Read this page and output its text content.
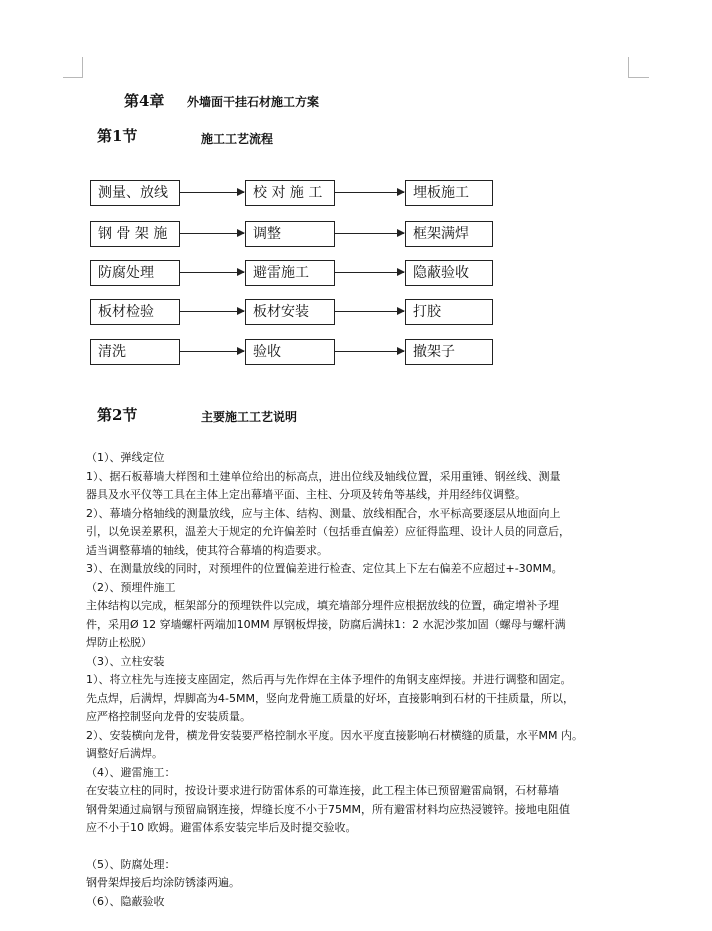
第4章 外墙面干挂石材施工方案
第1节	施工工艺流程
测量、放线	校 对 施 工	埋板施工
钢 骨 架 施	调整	框架满焊
防腐处理	避雷施工	隐蔽验收
板材检验	板材安装	打胶
清洗	验收	撤架子
第2节	主要施工工艺说明

（1）、弹线定位

1）、据石板幕墙大样图和土建单位给出的标高点，进出位线及轴线位置，采用重锤、钢丝线、测量

器具及水平仪等工具在主体上定出幕墙平面、主柱、分项及转角等基线，并用经纬仪调整。

2）、幕墙分格轴线的测量放线，应与主体、结构、测量、放线相配合，水平标高要逐层从地面向上

引，以免误差累积，温差大于规定的允许偏差时（包括垂直偏差）应征得监理、设计人员的同意后，

适当调整幕墙的轴线，使其符合幕墙的构造要求。

3）、在测量放线的同时，对预埋件的位置偏差进行检查、定位其上下左右偏差不应超过+-30MM。

（2）、预埋件施工

主体结构以完成，框架部分的预埋铁件以完成，填充墙部分埋件应根据放线的位置，确定增补予埋

件，采用Ø 12 穿墙螺杆两端加10MM 厚钢板焊接，防腐后满抹1：2 水泥沙浆加固（螺母与螺杆满

焊防止松脱）

（3）、立柱安装

1）、将立柱先与连接支座固定，然后再与先作焊在主体予埋件的角钢支座焊接。并进行调整和固定。

先点焊，后满焊，焊脚高为4-5MM，竖向龙骨施工质量的好坏，直接影响到石材的干挂质量，所以，

应严格控制竖向龙骨的安装质量。

2）、安装横向龙骨，横龙骨安装要严格控制水平度。因水平度直接影响石材横缝的质量，水平MM 内。

调整好后满焊。

（4）、避雷施工：

在安装立柱的同时，按设计要求进行防雷体系的可靠连接，此工程主体已预留避雷扁钢，石材幕墙

钢骨架通过扁钢与预留扁钢连接，焊缝长度不小于75MM，所有避雷材料均应热浸镀锌。接地电阻值

应不小于10 欧姆。避雷体系安装完毕后及时提交验收。

（5）、防腐处理：

钢骨架焊接后均涂防锈漆两遍。

（6）、隐蔽验收
